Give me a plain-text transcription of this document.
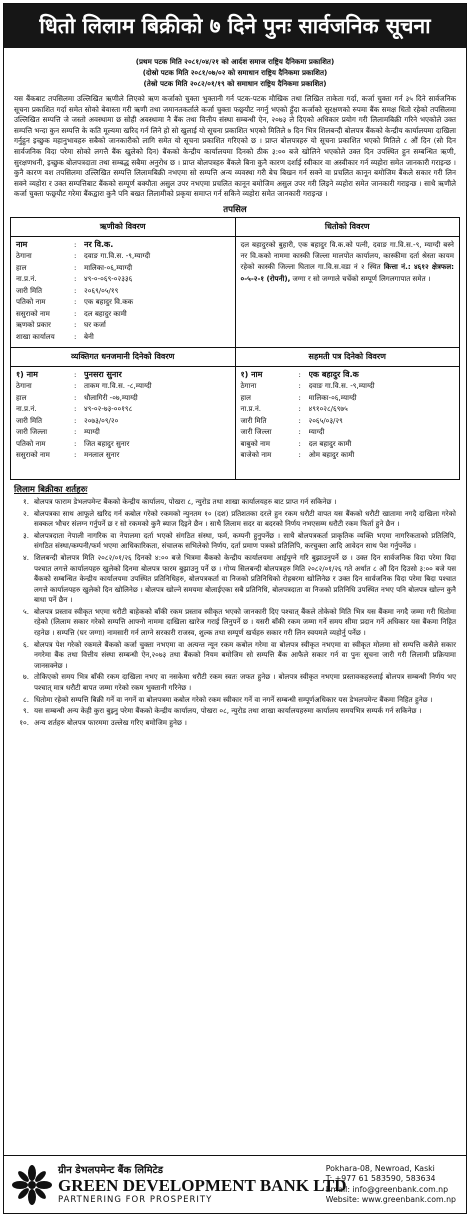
धितो लिलाम बिक्रीको ७ दिने पुनः सार्वजनिक सूचना
(प्रथम पटक मिति २०८१/०४/२१ को आर्दश समाज राष्ट्रिय दैनिकमा प्रकाशित)
(दोस्रो पटक मिति २०८१/०७/०२ को समाधान राष्ट्रिय दैनिकमा प्रकाशित)
(तेस्रो पटक मिति २०८२/०१/१९ को समाधान राष्ट्रिय दैनिकमा प्रकाशित)
यस बैंकबाट तपसिलमा उल्लिखित ऋणीले लिएको ऋण कर्जाको चुक्ता भुक्तानी गर्न पटक-पटक मौखिक तथा लिखित ताकेता गर्दा, कर्जा चुक्ता गर्न ३५ दिने सार्वजनिक सूचना प्रकाशित गर्दा समेत सोको बेवास्ता गरी ऋणी तथा जमानतकर्ताले कर्जा चुक्ता फछ्र्यौट नगर्नु भएको हुँदा कर्जाको सुरक्षणको रुपमा बैंक समक्ष धितो रहेको तपसिलमा उल्लिखित सम्पत्ति जे जस्तो अवस्थामा छ सोही अवस्थामा नै बैंक तथा वित्तीय संस्था सम्बन्धी ऐन, २०७३ ले दिएको अधिकार प्रयोग गरी लिलामबिक्री गरिने भएकोले उक्त सम्पत्ति भन्दा कुन सम्पत्ति के कति मूल्यमा खरिद गर्न लिने हो सो खुलाई यो सूचना प्रकाशित भएको मितिले ७ दिन भित्र शिलबन्दी बोलपत्र बैंकको केन्द्रीय कार्यालयमा दाखिला गर्नुहुन इच्छुक महानुभावहरु सबैको जानकारीको लागि समेत यो सूचना प्रकाशित गरिएको छ । प्राप्त बोलपत्रहरु यो सूचना प्रकाशित भएको मितिले ८ औं दिन (सो दिन सार्वजनिक विदा परेमा सोको लगत्तै बैंक खुलेको दिन) बैंकको केन्द्रीय कार्यालयमा दिनको ठीक ३:०० बजे खोलिने भएकोले उक्त दिन उपस्थित हुन सम्बन्धित ऋणी, सुरक्षणधनी, इच्छुक बोलपत्रदाता तथा सम्बद्ध सबैमा अनुरोध छ । प्राप्त बोलपत्रहरु बैंकले बिना कुनै कारण दर्शाई स्वीकार वा अस्वीकार गर्न व्यहोरा समेत जानकारी गराइन्छ । कुनै कारण वश तपसिलमा उल्लिखित सम्पत्ति लिलामबिक्री नभएमा सो सम्पत्ति अन्य व्यवस्था गरी बेच बिखन गर्न सक्ने वा प्रचलित कानून बमोजिम बैंकले सकार गरी लिन सक्ने व्यहोरा र उक्त सम्पत्तिबाट बैंकको सम्पूर्ण बक्यौता असुल उपर नभएमा प्रचलित कानून बमोजिम असुल उपर गरी लिइने व्यहोरा समेत जानकारी गराइन्छ । साथै ऋणीले कर्जा चुक्ता फछ्र्यौट गरेमा बैंकद्वारा कुनै पनि बखत लिलामीको प्रकृया समाप्त गर्न सकिने व्यहोरा समेत जानकारी गराइन्छ ।
तपसिल
ऋणीको विवरण	धितोको विवरण
नाम	: नर वि.क.
ठेगाना	:	दवाङ गा.वि.स. -९,म्याग्दी
हाल	:	मालिका-०६,म्याग्दी
ना.प्र.नं.	:	४९-०-०६९-०२३३६
जारी मिति	:	२०६९/०५/१९
पतिको नाम	:	एक बहादुर वि.कक
ससुराको नाम	:	दल बहादुर कामी
ऋणको प्रकार	:	घर कर्जा
शाखा कार्यालय	:	बेनी
दल बहादुरको बुहारी, एक बहादुर वि.क.को पत्नी, दवाङ गा.वि.स.-९, म्याग्दी बस्ने नर वि.कको नाममा कास्की जिल्ला मालपोत कार्यालय, कास्कीमा दर्ता श्रेस्ता कायम रहेको कास्की जिल्ला घिताल गा.वि.स.वडा नं २ स्थित कित्ता नं.: ४६१२ क्षेत्रफल: ०-५-२-१ (रोपनी), जग्गा र सो जग्गाले चर्चेको सम्पूर्ण लिगलगापात समेत ।
व्यक्तिगत धनजमानी दिनेको विवरण	सहमती पत्र दिनेको विवरण
१) नाम	: पुनसरा सुनार
ठेगाना	:	ताकम गा.वि.स. -८,म्याग्दी
हाल	:	धौलागिरी -०७,म्याग्दी
ना.प्र.नं.	:	४९-०२-७३-००१९८
जारी मिति	:	२०७३/०९/२०
जारी जिल्ला	:	म्याग्दी
पतिको नाम	:	जित बहादुर सुनार
ससुराको नाम	:	मनलाल सुनार
१) नाम	: एक बहादुर वि.क
ठेगाना	:	दवाङ गा.वि.स. -९,म्याग्दी
हाल	:	मालिका-०६,म्याग्दी
ना.प्र.नं.	:	४९१०२८/६९७५
जारी मिति	:	२०६५/०३/२९
जारी जिल्ला	:	म्याग्दी
बाबुको नाम	:	दल बहादुर कामी
बाजेको नाम	:	ओम बहादुर कामी
लिलाम बिक्रीका शर्तहरुः
१. बोलपत्र फाराम डेभलपमेन्ट बैंकको केन्द्रीय कार्यालय, पोखरा ८, न्युरोड तथा शाखा कार्यालयहरु बाट प्राप्त गर्न सकिनेछ ।
२. बोलपत्रका साथ आफूले खरिद गर्न कबोल गरेको रकमको न्युनतम १० (दश) प्रतिशतका दरले हुन रकम धरौटी वापत यस बैंकको धरौटी खातामा नगदै दाखिला गरेको सक्कल भौचर संलग्न गर्नुपर्ने छ र सो रकमको कुनै ब्याज दिइने छैन । साथै लिलाम सदर वा बदरको निर्णय नभएसम्म धरौटी रकम फिर्ता हुने छैन ।
३. बोलपत्रदाता नेपाली नागरिक वा नेपालमा दर्ता भएको संगठित संस्था, फर्म, कम्पनी हुनुपर्नेछ । साथै बोलपत्रकर्ता प्राकृतिक व्यक्ति भएमा नागरिकताको प्रतिलिपि, संगठित संस्था/कम्पनी/फर्म भएमा आधिकारिकता, संचालक सभिलेको निर्णय, दर्ता प्रमाण पत्रको प्रतिलिपि, करचुक्ता आदि आवेदन साथ पेश गर्नुपर्नेछ ।
४. शिलबन्दी बोलपत्र मिति २०८२/०१/२६ दिनको ४:०० बजे भित्रमा बैंकको केन्द्रीय कार्यालयमा आईपुग्ने गरि बुझाउनुपर्ने छ । उक्त दिन सार्वजनिक विदा परेमा विदा पश्चात लगत्ते कार्यालयहरु खुलेको दिनमा बोलपत्र फारम बुझाउनु पर्ने छ । गोप्य सिलबन्दी बोलपत्रहरु मिति २०८२/०१/२६ गते अर्थात ८ औं दिन दिउसो ३:०० बजे यस बैंकको सम्बन्धित केन्द्रीय कार्यालयमा उपस्थित प्रतिनिधिहरु, बोलपत्रकर्ता वा निजको प्रतिनिधिको रोहबरमा खोलिनेछ र उक्त दिन सार्वजनिक विदा परेमा बिदा पश्चात लगत्ते कार्यालयहरु खुलेको दिन खोलिनेछ । बोलपत्र खोल्ने समयमा बोलाईएका सबै प्रतिनिधि, बोलपत्रदाता वा निजको प्रतिनिधि उपस्थित नभए पनि बोलपत्र खोल्न कुनै बाधा पर्ने छैन ।
५. बोलपत्र प्रस्ताव स्वीकृत भएमा धरौटी बाहेकको बाँकी रकम प्रस्ताव स्वीकृत भएको जानकारी दिए पश्चात् बैंकले तोकेको मिति भित्र यस बैंकमा नगदै जम्मा गरी धितोमा रहेको (लिलाम सकार गरेको सम्पत्ति आफ्नो नाममा दाखिला खारेज गराई लिनुपर्ने छ । यसरी बाँकी रकम जम्मा गर्ने समय सीमा प्रदान गर्ने अधिकार यस बैंकमा निहित रहनेछ । सम्पत्ति (घर जग्गा) नामसारी गर्न लाग्ने सरकारी राजस्व, शुल्क तथा सम्पूर्ण खर्चहरु सकार गरी लिन स्वयमले व्यहोर्नु पर्नेछ ।
६. बोलपत्र पेश गरेको रकमले बैंकको कर्जा चुक्ता नभएमा वा अत्यन्त न्यून रकम कबोल गरेमा वा बोलपत्र स्वीकृत नभएमा वा स्वीकृत मोलमा सो सम्पत्ति कसैले सकार नगरेमा बैंक तथा वित्तीय संस्था सम्बन्धी ऐन,२०७३ तथा बैंकको नियम बमोजिम सो सम्पत्ति बैंक आफैले सकार गर्न वा पुनः सूचना जारी गरी लिलामी प्रक्रियामा जानसक्नेछ ।
७. तोकिएको समय भित्र बाँकी रकम दाखिला नभए वा नसकेमा धरौटी रकम स्वतः जफत हुनेछ । बोलपत्र स्वीकृत नभएमा प्रस्तावकहरुलाई बोलपत्र सम्बन्धी निर्णय भए पश्चात् मात्र धरौटी बापत जम्मा गरेको रकम भुक्तानी गरिनेछ ।
८. धितोमा रहेको सम्पत्ति बिक्री गर्ने वा नगर्ने वा बोलपत्रमा कबोल गरेको रकम स्वीकार गर्ने वा नगर्ने सम्बन्धी सम्पूर्णअधिकार यस डेभलपमेन्ट बैंकमा निहित हुनेछ ।
९. यस सम्बन्धी अन्य केही कुरा बुझ्नु परेमा बैंकको केन्द्रीय कार्यालय, पोखरा ०८, न्युरोड तथा शाखा कार्यालयहरुमा कार्यालय समयभित्र सम्पर्क गर्न सकिनेछ ।
१०. अन्य शर्तहरु बोलपत्र फारममा उल्लेख गरिए बमोजिम हुनेछ ।
ग्रीन डेभलपमेन्ट बैंक लिमिटेड
GREEN DEVELOPMENT BANK LTD
PARTNERING FOR PROSPERITY
Pokhara-08, Newroad, Kaski
T: +977 61 583590, 583634
Email: info@greenbank.com.np
Website: www.greenbank.com.np
